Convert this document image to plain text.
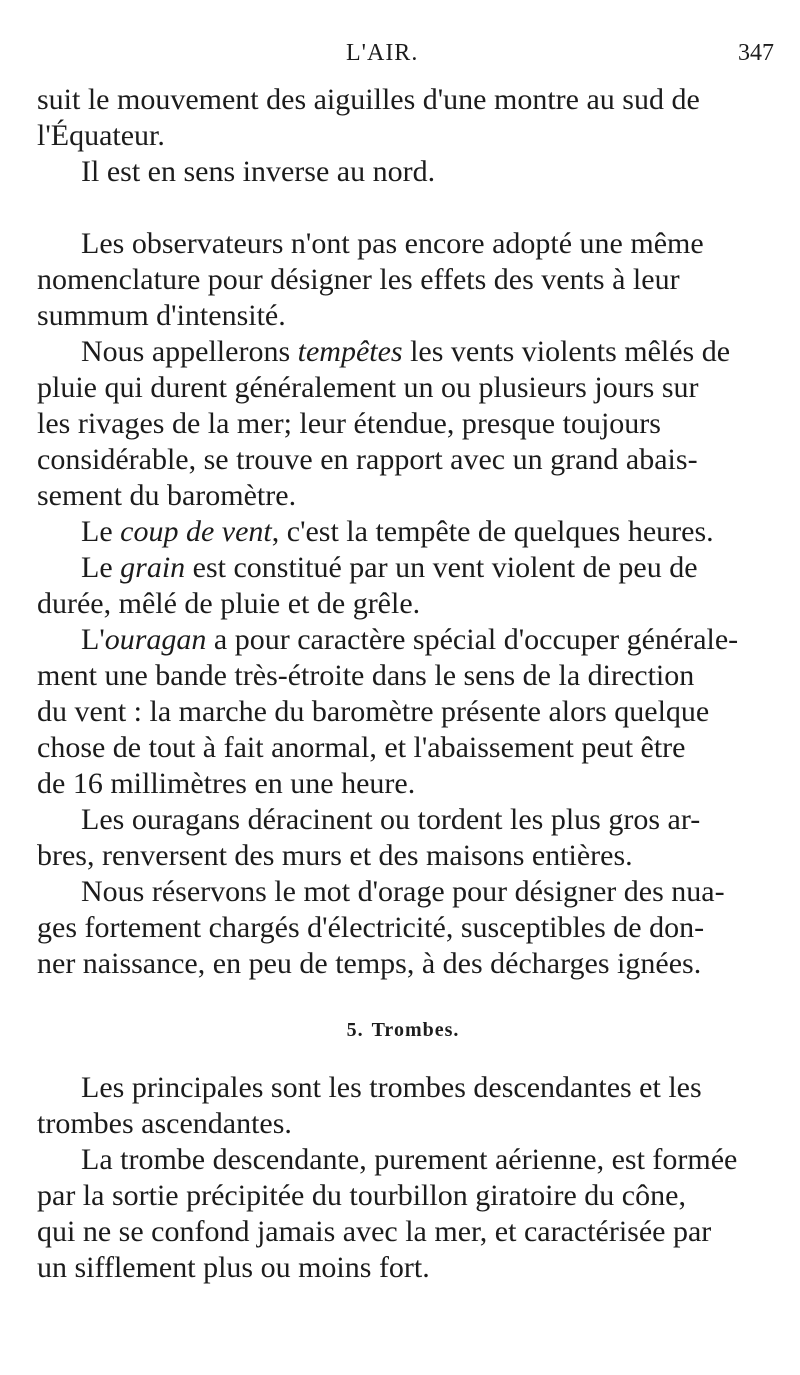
L'AIR.	347
suit le mouvement des aiguilles d'une montre au sud de
l'Équateur.
Il est en sens inverse au nord.
Les observateurs n'ont pas encore adopté une même
nomenclature pour désigner les effets des vents à leur
summum d'intensité.
Nous appellerons tempêtes les vents violents mêlés de
pluie qui durent généralement un ou plusieurs jours sur
les rivages de la mer; leur étendue, presque toujours
considérable, se trouve en rapport avec un grand abais-
sement du baromètre.
Le coup de vent, c'est la tempête de quelques heures.
Le grain est constitué par un vent violent de peu de
durée, mêlé de pluie et de grêle.
L'ouragan a pour caractère spécial d'occuper générale-
ment une bande très-étroite dans le sens de la direction
du vent : la marche du baromètre présente alors quelque
chose de tout à fait anormal, et l'abaissement peut être
de 16 millimètres en une heure.
Les ouragans déracinent ou tordent les plus gros ar-
bres, renversent des murs et des maisons entières.
Nous réservons le mot d'orage pour désigner des nua-
ges fortement chargés d'électricité, susceptibles de don-
ner naissance, en peu de temps, à des décharges ignées.
5. Trombes.
Les principales sont les trombes descendantes et les
trombes ascendantes.
La trombe descendante, purement aérienne, est formée
par la sortie précipitée du tourbillon giratoire du cône,
qui ne se confond jamais avec la mer, et caractérisée par
un sifflement plus ou moins fort.
